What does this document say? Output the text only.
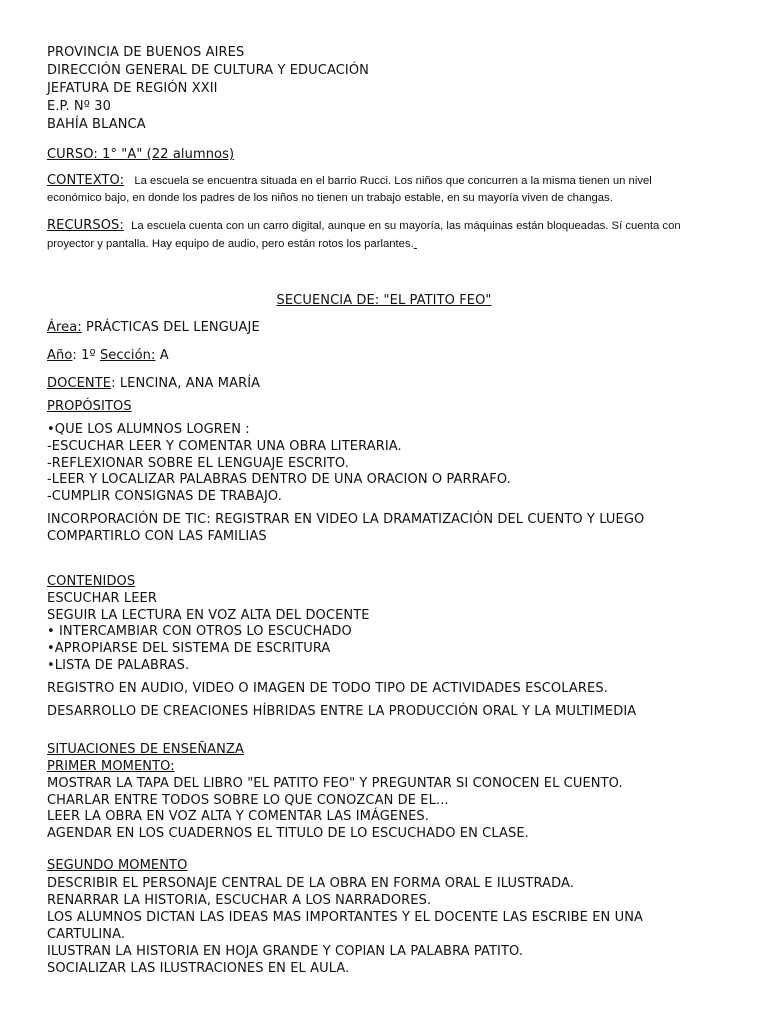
PROVINCIA DE BUENOS AIRES
DIRECCIÓN GENERAL DE CULTURA Y EDUCACIÓN
JEFATURA DE REGIÓN XXII
E.P. Nº 30
BAHÍA BLANCA
CURSO: 1° "A" (22 alumnos)
CONTEXTO: La escuela se encuentra situada en el barrio Rucci. Los niños que concurren a la misma tienen un nivel
económico bajo, en donde los padres de los niños no tienen un trabajo estable, en su mayoría viven de changas.
RECURSOS: La escuela cuenta con un carro digital, aunque en su mayoría, las máquinas están bloqueadas. Sí cuenta con
proyector y pantalla. Hay equipo de audio, pero están rotos los parlantes.
SECUENCIA DE: "EL PATITO FEO"
Área: PRÁCTICAS DEL LENGUAJE
Año: 1º Sección: A
DOCENTE: LENCINA, ANA MARÍA
PROPÓSITOS
•QUE LOS ALUMNOS LOGREN :
-ESCUCHAR LEER Y COMENTAR UNA OBRA LITERARIA.
-REFLEXIONAR SOBRE EL LENGUAJE ESCRITO.
-LEER Y LOCALIZAR PALABRAS DENTRO DE UNA ORACION O PARRAFO.
-CUMPLIR CONSIGNAS DE TRABAJO.
INCORPORACIÓN DE TIC: REGISTRAR EN VIDEO LA DRAMATIZACIÓN DEL CUENTO Y LUEGO
COMPARTIRLO CON LAS FAMILIAS
CONTENIDOS
ESCUCHAR LEER
SEGUIR LA LECTURA EN VOZ ALTA DEL DOCENTE
• INTERCAMBIAR CON OTROS LO ESCUCHADO
•APROPIARSE DEL SISTEMA DE ESCRITURA
•LISTA DE PALABRAS.
REGISTRO EN AUDIO, VIDEO O IMAGEN DE TODO TIPO DE ACTIVIDADES ESCOLARES.
DESARROLLO DE CREACIONES HÍBRIDAS ENTRE LA PRODUCCIÓN ORAL Y LA MULTIMEDIA
SITUACIONES DE ENSEÑANZA
PRIMER MOMENTO:
MOSTRAR LA TAPA DEL LIBRO "EL PATITO FEO" Y PREGUNTAR SI CONOCEN EL CUENTO.
CHARLAR ENTRE TODOS SOBRE LO QUE CONOZCAN DE EL...
LEER LA OBRA EN VOZ ALTA Y COMENTAR LAS IMÁGENES.
AGENDAR EN LOS CUADERNOS EL TITULO DE LO ESCUCHADO EN CLASE.
SEGUNDO MOMENTO
DESCRIBIR EL PERSONAJE CENTRAL DE LA OBRA EN FORMA ORAL E ILUSTRADA.
RENARRAR LA HISTORIA, ESCUCHAR A LOS NARRADORES.
LOS ALUMNOS DICTAN LAS IDEAS MAS IMPORTANTES Y EL DOCENTE LAS ESCRIBE EN UNA
CARTULINA.
ILUSTRAN LA HISTORIA EN HOJA GRANDE Y COPIAN LA PALABRA PATITO.
SOCIALIZAR LAS ILUSTRACIONES EN EL AULA.
